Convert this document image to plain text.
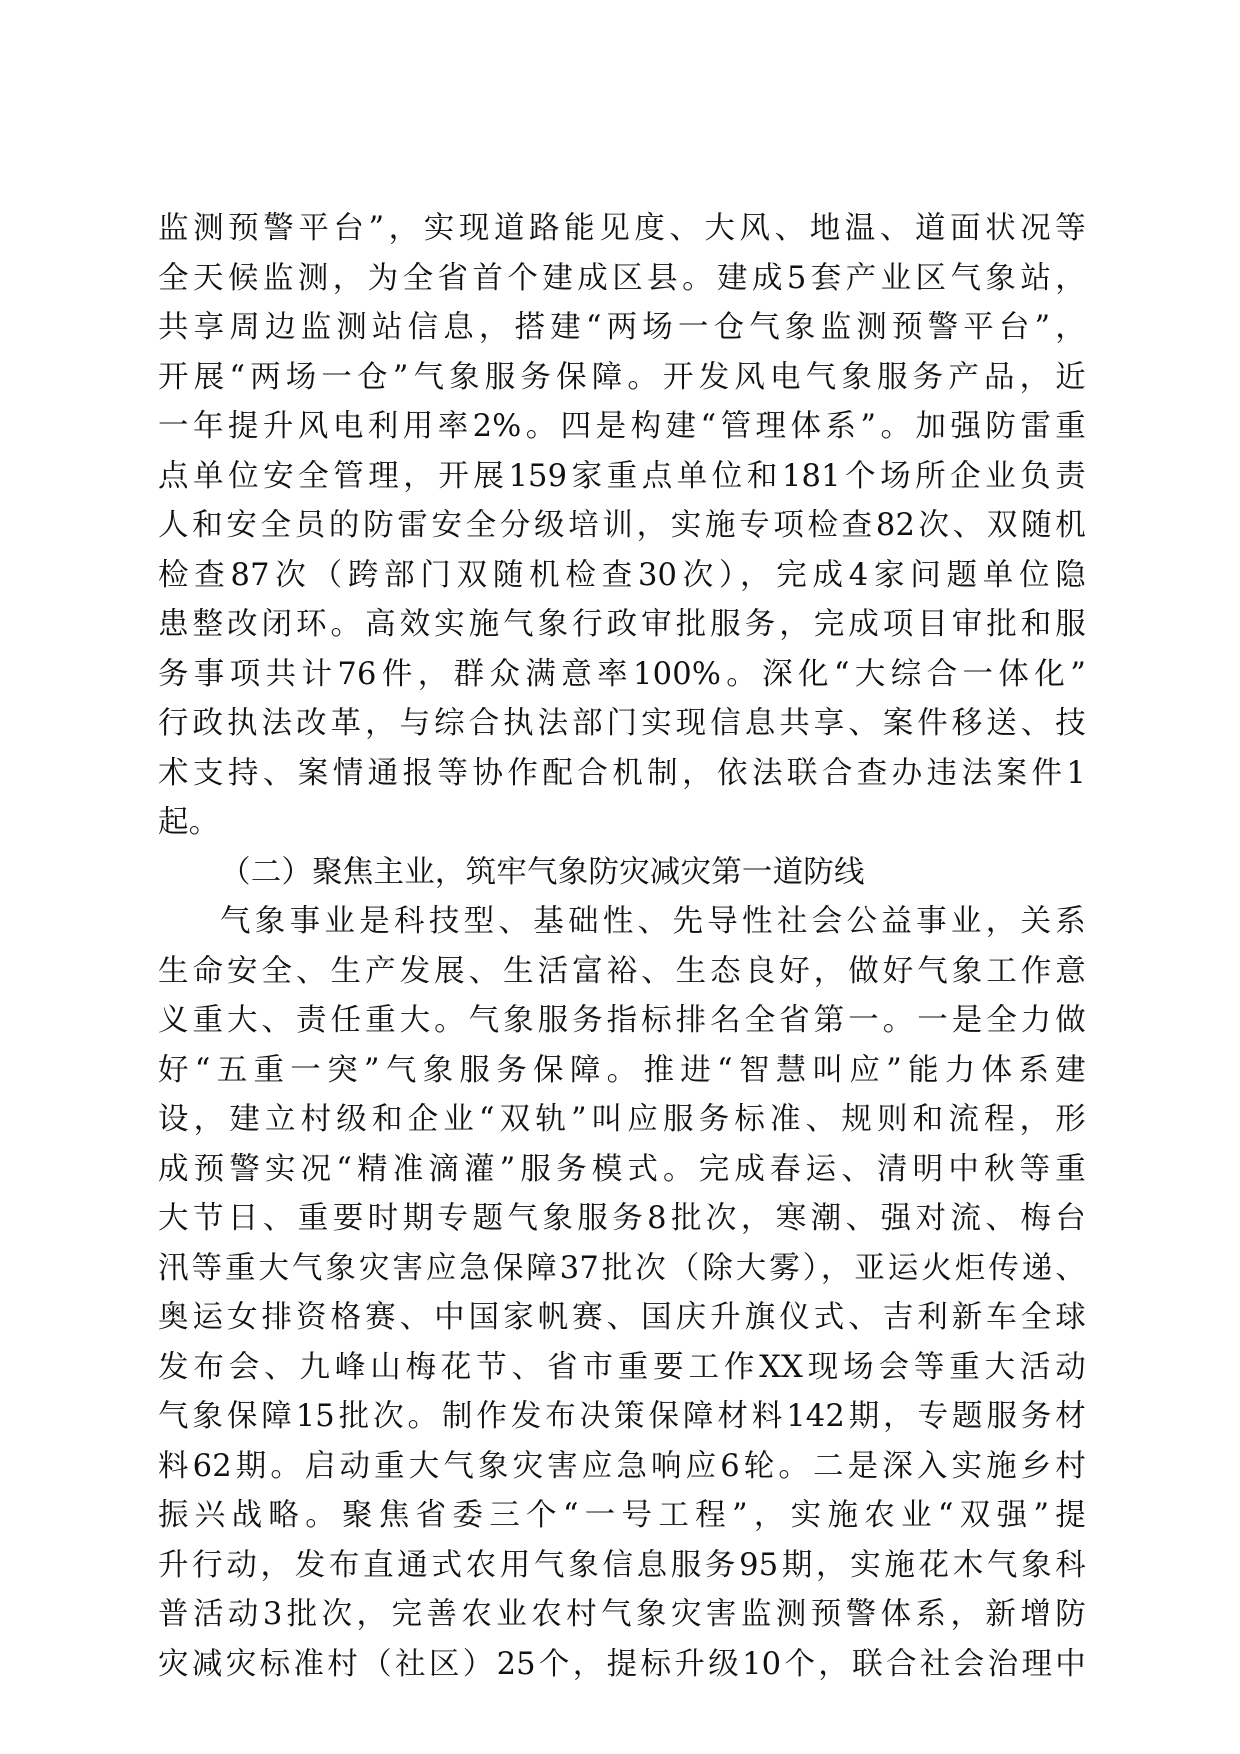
监测预警平台”，实现道路能见度、大风、地温、道面状况等
全天候监测，为全省首个建成区县。建成5套产业区气象站，
共享周边监测站信息，搭建“两场一仓气象监测预警平台”，
开展“两场一仓”气象服务保障。开发风电气象服务产品，近
一年提升风电利用率2%。四是构建“管理体系”。加强防雷重
点单位安全管理，开展159家重点单位和181个场所企业负责
人和安全员的防雷安全分级培训，实施专项检查82次、双随机
检查87次（跨部门双随机检查30次），完成4家问题单位隐
患整改闭环。高效实施气象行政审批服务，完成项目审批和服
务事项共计76件，群众满意率100%。深化“大综合一体化”
行政执法改革，与综合执法部门实现信息共享、案件移送、技
术支持、案情通报等协作配合机制，依法联合查办违法案件1
起。
（二）聚焦主业，筑牢气象防灾减灾第一道防线
气象事业是科技型、基础性、先导性社会公益事业，关系
生命安全、生产发展、生活富裕、生态良好，做好气象工作意
义重大、责任重大。气象服务指标排名全省第一。一是全力做
好“五重一突”气象服务保障。推进“智慧叫应”能力体系建
设，建立村级和企业“双轨”叫应服务标准、规则和流程，形
成预警实况“精准滴灌”服务模式。完成春运、清明中秋等重
大节日、重要时期专题气象服务8批次，寒潮、强对流、梅台
汛等重大气象灾害应急保障37批次（除大雾），亚运火炬传递、
奥运女排资格赛、中国家帆赛、国庆升旗仪式、吉利新车全球
发布会、九峰山梅花节、省市重要工作XX现场会等重大活动
气象保障15批次。制作发布决策保障材料142期，专题服务材
料62期。启动重大气象灾害应急响应6轮。二是深入实施乡村
振兴战略。聚焦省委三个“一号工程”，实施农业“双强”提
升行动，发布直通式农用气象信息服务95期，实施花木气象科
普活动3批次，完善农业农村气象灾害监测预警体系，新增防
灾减灾标准村（社区）25个，提标升级10个，联合社会治理中
